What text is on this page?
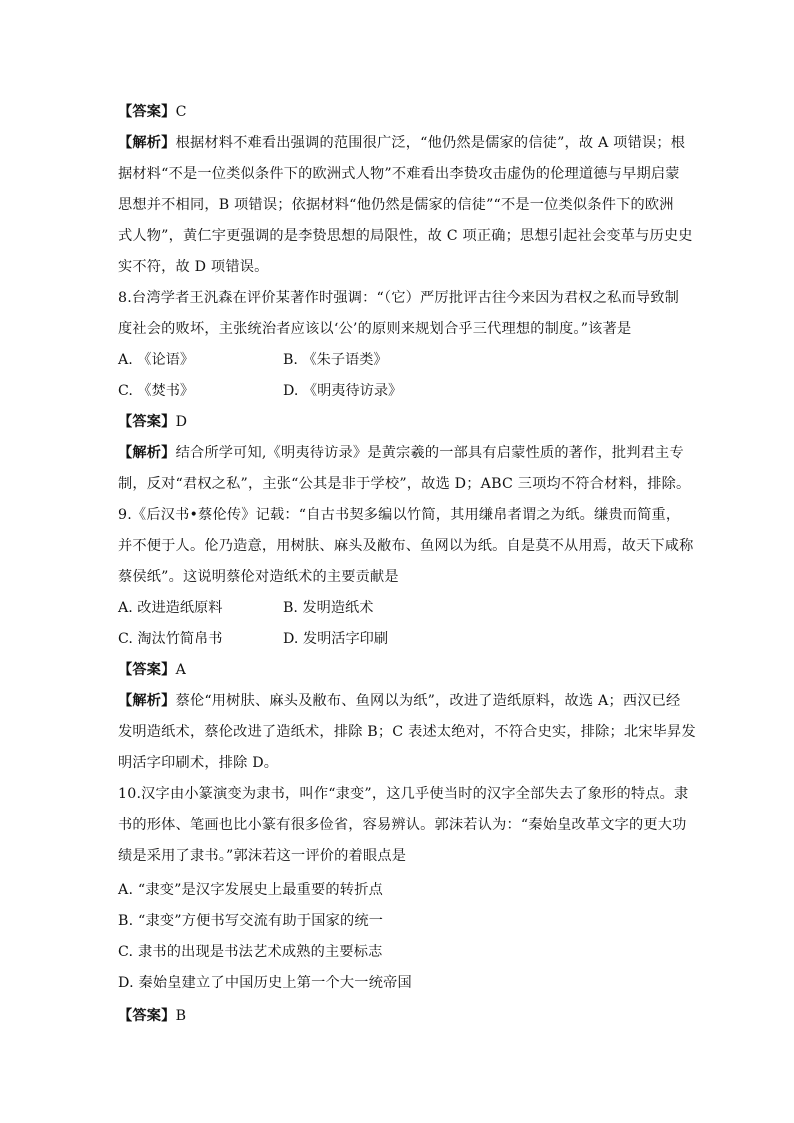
【答案】C
【解析】根据材料不难看出强调的范围很广泛，“他仍然是儒家的信徒”，故 A 项错误；根
据材料“不是一位类似条件下的欧洲式人物”不难看出李贽攻击虚伪的伦理道德与早期启蒙
思想并不相同，B 项错误；依据材料“他仍然是儒家的信徒”“不是一位类似条件下的欧洲
式人物”，黄仁宇更强调的是李贽思想的局限性，故 C 项正确；思想引起社会变革与历史史
实不符，故 D 项错误。
8.台湾学者王汎森在评价某著作时强调：“（它）严厉批评古往今来因为君权之私而导致制
度社会的败坏，主张统治者应该以‘公’的原则来规划合乎三代理想的制度。”该著是
A. 《论语》	B. 《朱子语类》
C. 《焚书》	D. 《明夷待访录》
【答案】D
【解析】结合所学可知,《明夷待访录》是黄宗羲的一部具有启蒙性质的著作，批判君主专
制，反对“君权之私”，主张“公其是非于学校”，故选 D；ABC 三项均不符合材料，排除。
9.《后汉书•蔡伦传》记载：“自古书契多编以竹简，其用缣帛者谓之为纸。缣贵而简重，
并不便于人。伦乃造意，用树肤、麻头及敝布、鱼网以为纸。自是莫不从用焉，故天下咸称
蔡侯纸”。这说明蔡伦对造纸术的主要贡献是
A. 改进造纸原料	B. 发明造纸术
C. 淘汰竹简帛书	D. 发明活字印刷
【答案】A
【解析】蔡伦“用树肤、麻头及敝布、鱼网以为纸”，改进了造纸原料，故选 A；西汉已经
发明造纸术，蔡伦改进了造纸术，排除 B；C 表述太绝对，不符合史实，排除；北宋毕昇发
明活字印刷术，排除 D。
10.汉字由小篆演变为隶书，叫作“隶变”，这几乎使当时的汉字全部失去了象形的特点。隶
书的形体、笔画也比小篆有很多俭省，容易辨认。郭沫若认为：“秦始皇改革文字的更大功
绩是采用了隶书。”郭沫若这一评价的着眼点是
A. “隶变”是汉字发展史上最重要的转折点
B. “隶变”方便书写交流有助于国家的统一
C. 隶书的出现是书法艺术成熟的主要标志
D. 秦始皇建立了中国历史上第一个大一统帝国
【答案】B
